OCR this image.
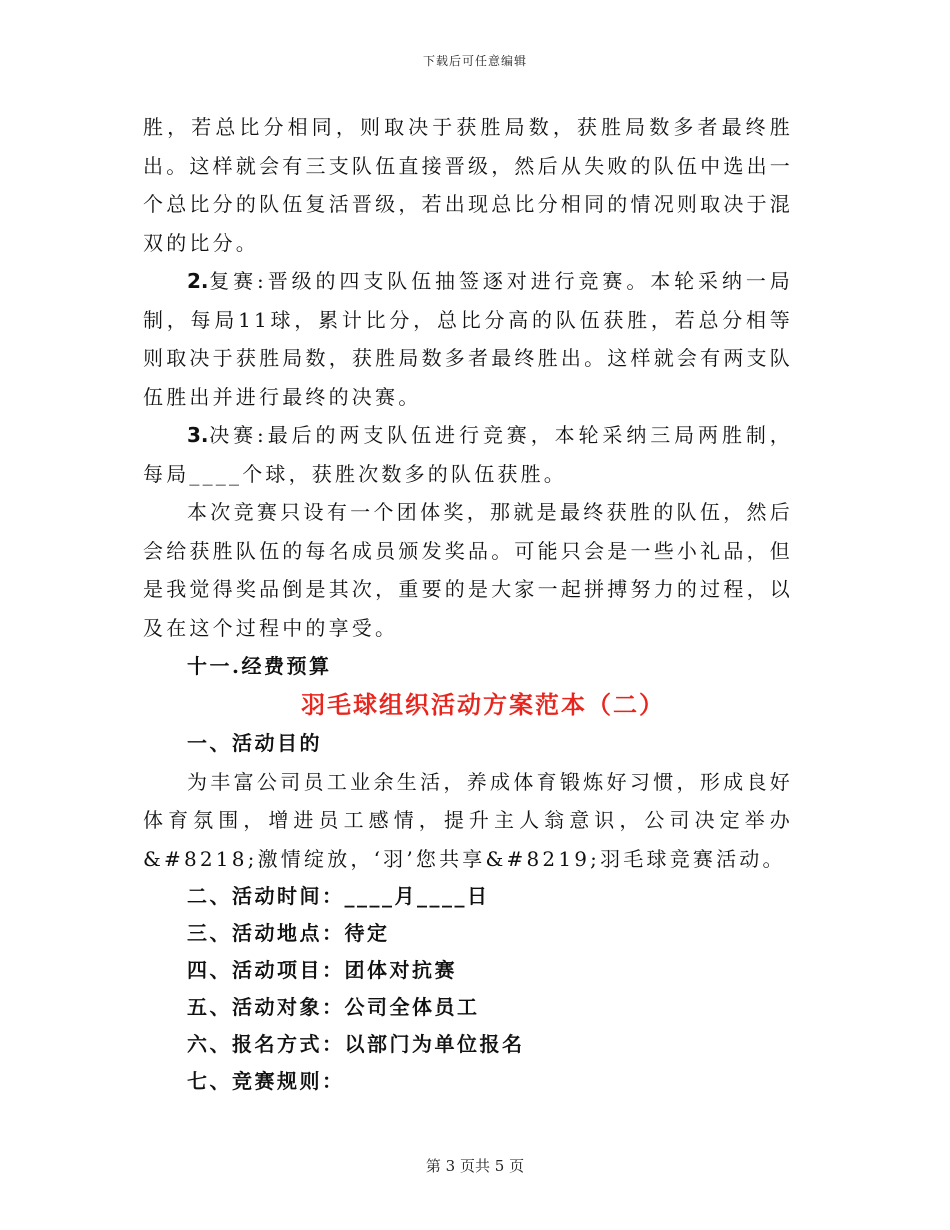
下载后可任意编辑

胜，若总比分相同，则取决于获胜局数，获胜局数多者最终胜出。这样就会有三支队伍直接晋级，然后从失败的队伍中选出一个总比分的队伍复活晋级，若出现总比分相同的情况则取决于混双的比分。

2.复赛:晋级的四支队伍抽签逐对进行竞赛。本轮采纳一局制，每局11球，累计比分，总比分高的队伍获胜，若总分相等则取决于获胜局数，获胜局数多者最终胜出。这样就会有两支队伍胜出并进行最终的决赛。

3.决赛:最后的两支队伍进行竞赛，本轮采纳三局两胜制，每局____个球，获胜次数多的队伍获胜。

本次竞赛只设有一个团体奖，那就是最终获胜的队伍，然后会给获胜队伍的每名成员颁发奖品。可能只会是一些小礼品，但是我觉得奖品倒是其次，重要的是大家一起拼搏努力的过程，以及在这个过程中的享受。

十一.经费预算

羽毛球组织活动方案范本（二）

一、活动目的

为丰富公司员工业余生活，养成体育锻炼好习惯，形成良好体育氛围，增进员工感情，提升主人翁意识，公司决定举办&#8218;激情绽放，‘羽’您共享&#8219;羽毛球竞赛活动。

二、活动时间：____月____日

三、活动地点：待定

四、活动项目：团体对抗赛

五、活动对象：公司全体员工

六、报名方式：以部门为单位报名

七、竞赛规则：

第 3 页共 5 页
